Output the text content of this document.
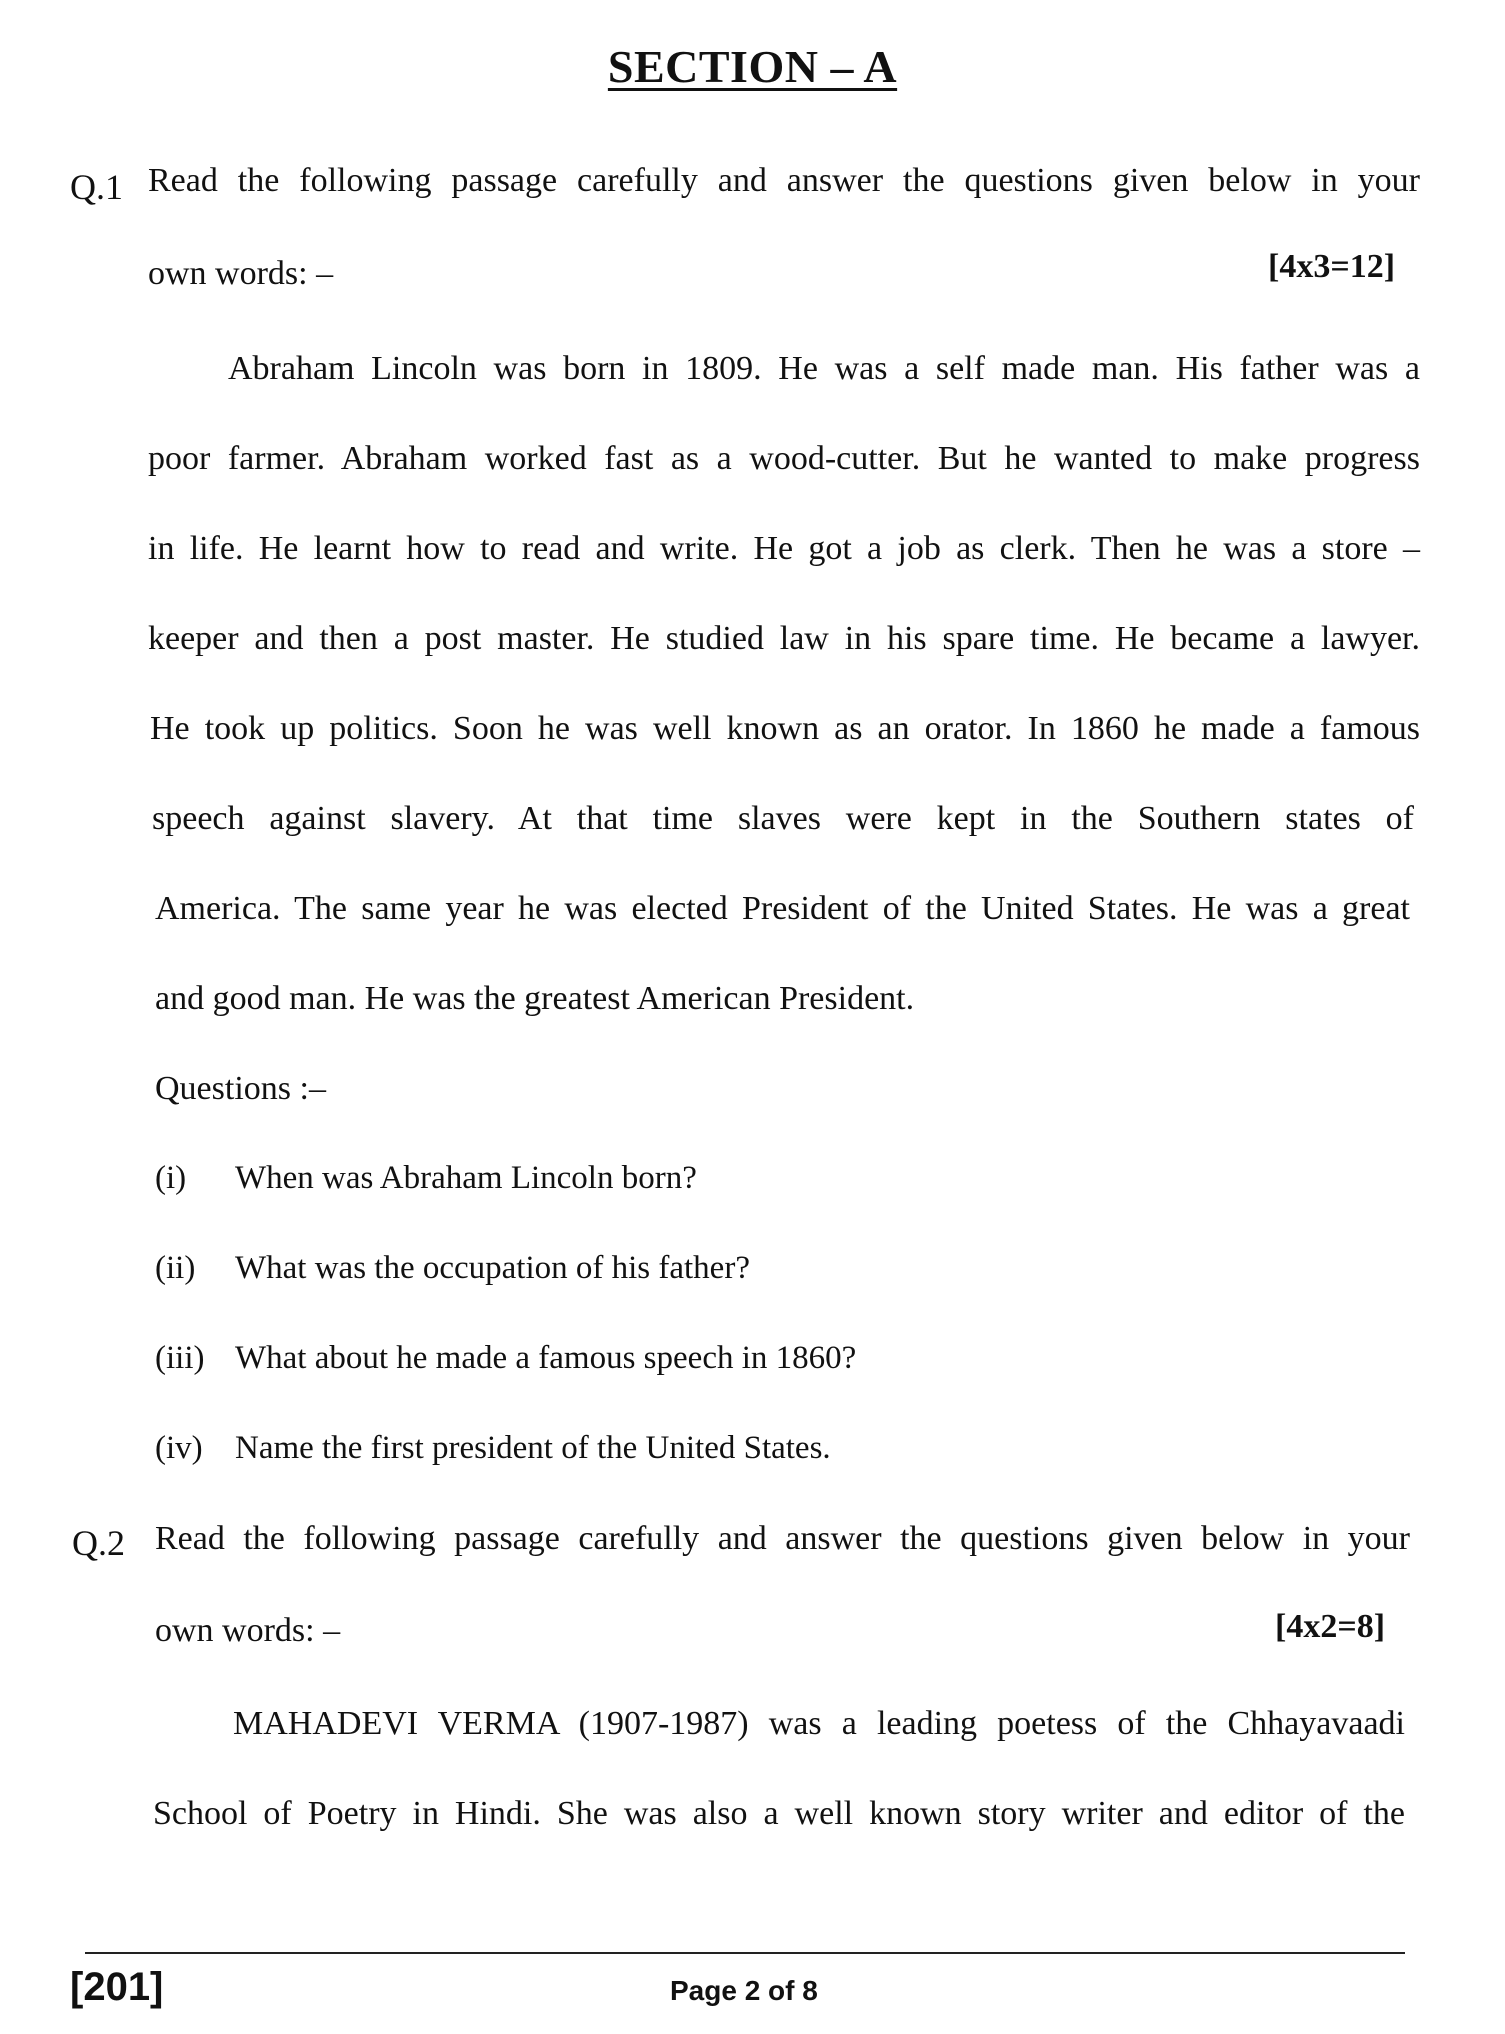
SECTION – A
Q.1 Read the following passage carefully and answer the questions given below in your
own words: –	[4x3=12]
Abraham Lincoln was born in 1809. He was a self made man. His father was a
poor farmer. Abraham worked fast as a wood-cutter. But he wanted to make progress
in life. He learnt how to read and write. He got a job as clerk. Then he was a store –
keeper and then a post master. He studied law in his spare time. He became a lawyer.
He took up politics. Soon he was well known as an orator. In 1860 he made a famous
speech against slavery. At that time slaves were kept in the Southern states of
America. The same year he was elected President of the United States. He was a great
and good man. He was the greatest American President.
Questions :–
(i) When was Abraham Lincoln born?
(ii) What was the occupation of his father?
(iii) What about he made a famous speech in 1860?
(iv) Name the first president of the United States.
Q.2 Read the following passage carefully and answer the questions given below in your
own words: –	[4x2=8]
MAHADEVI VERMA (1907-1987) was a leading poetess of the Chhayavaadi
School of Poetry in Hindi. She was also a well known story writer and editor of the
[201]	Page 2 of 8
